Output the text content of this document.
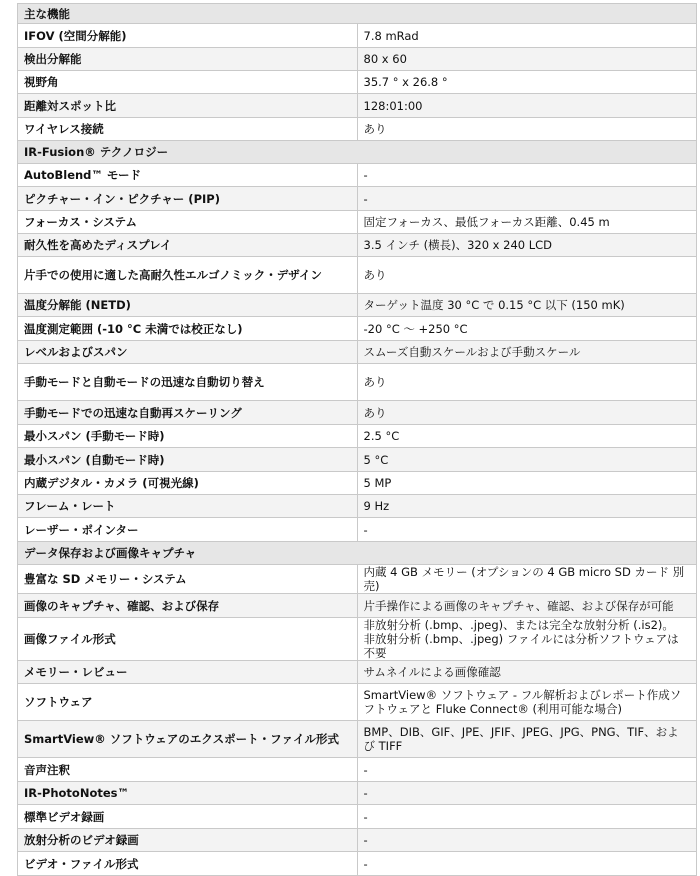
主な機能	
IFOV (空間分解能)	7.8 mRad
検出分解能	80 x 60
視野角	35.7 ° x 26.8 °
距離対スポット比	128:01:00
ワイヤレス接続	あり
IR-Fusion® テクノロジー	
AutoBlend™ モード	-
ピクチャー・イン・ピクチャー (PIP)	-
フォーカス・システム	固定フォーカス、最低フォーカス距離、0.45 m
耐久性を高めたディスプレイ	3.5 インチ (横長)、320 x 240 LCD
片手での使用に適した高耐久性エルゴノミック・デザイン	あり
温度分解能 (NETD)	ターゲット温度 30 °C で 0.15 °C 以下 (150 mK)
温度測定範囲 (-10 °C 未満では校正なし)	-20 °C ～ +250 °C
レベルおよびスパン	スムーズ自動スケールおよび手動スケール
手動モードと自動モードの迅速な自動切り替え	あり
手動モードでの迅速な自動再スケーリング	あり
最小スパン (手動モード時)	2.5 °C
最小スパン (自動モード時)	5 °C
内蔵デジタル・カメラ (可視光線)	5 MP
フレーム・レート	9 Hz
レーザー・ポインター	-
データ保存および画像キャプチャ	
豊富な SD メモリー・システム	内蔵 4 GB メモリー (オプションの 4 GB micro SD カード 別売)
画像のキャプチャ、確認、および保存	片手操作による画像のキャプチャ、確認、および保存が可能
画像ファイル形式	非放射分析 (.bmp、.jpeg)、または完全な放射分析 (.is2)。
非放射分析 (.bmp、.jpeg) ファイルには分析ソフトウェアは不要
メモリー・レビュー	サムネイルによる画像確認
ソフトウェア	SmartView® ソフトウェア - フル解析およびレポート作成ソフトウェアと Fluke Connect® (利用可能な場合)
SmartView® ソフトウェアのエクスポート・ファイル形式	BMP、DIB、GIF、JPE、JFIF、JPEG、JPG、PNG、TIF、および TIFF
音声注釈	-
IR-PhotoNotes™	-
標準ビデオ録画	-
放射分析のビデオ録画	-
ビデオ・ファイル形式	-
